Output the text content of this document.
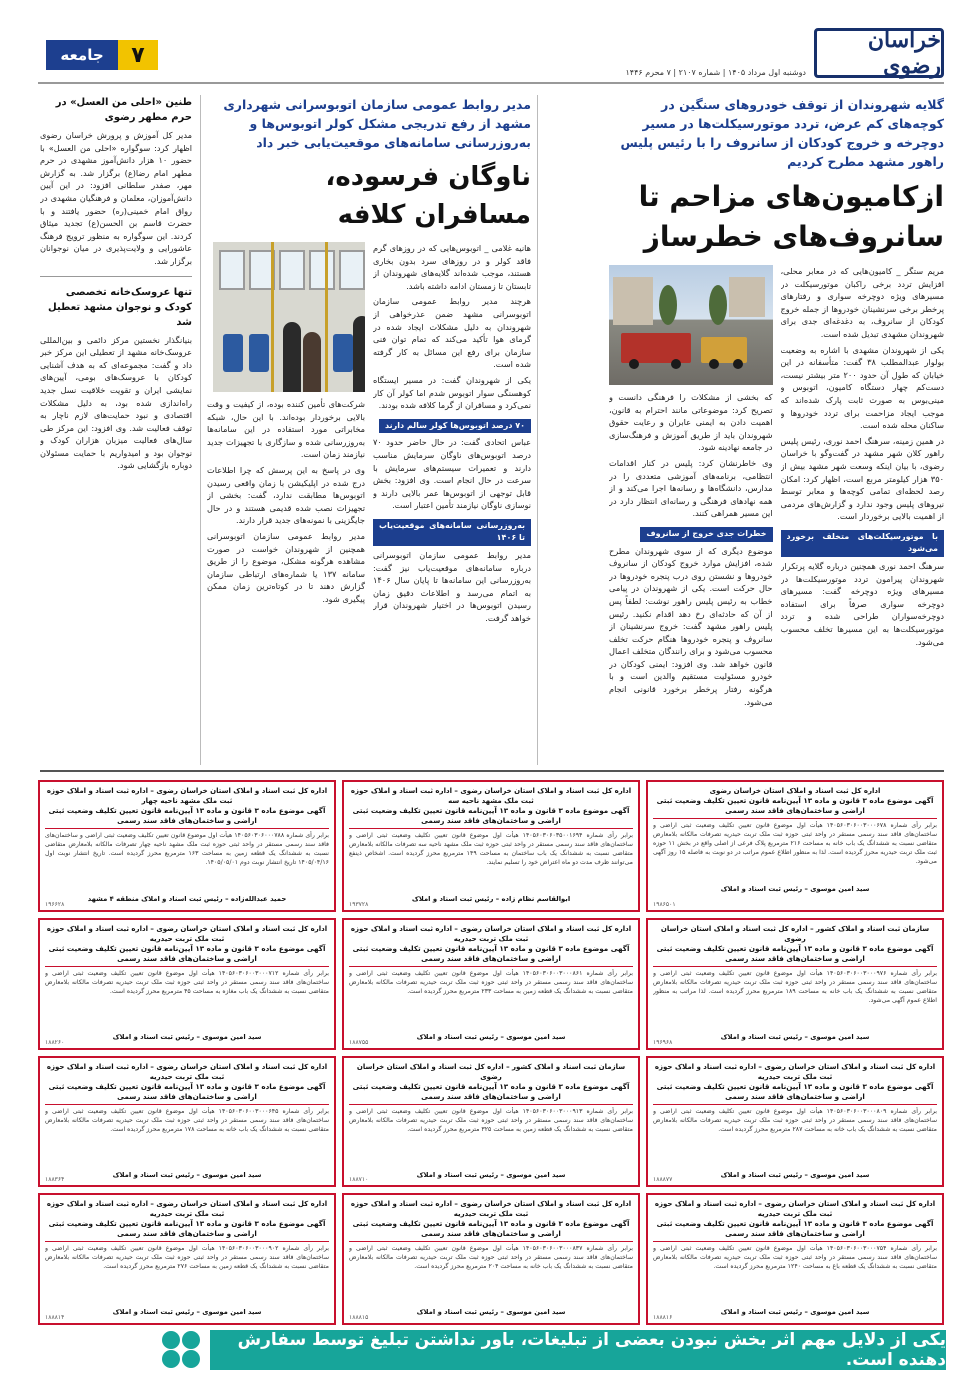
خراسان رضوی
دوشنبه اول مرداد ۱۴۰۵ | شماره ۲۱۰۷ | ۷ محرم ۱۴۴۶
۷
جامعه
گلایه شهروندان از توقف خودروهای سنگین در کوچه‌های کم عرض، تردد موتورسیکلت‌ها در مسیر دوچرخه و خروج کودکان از سانروف را با رئیس پلیس راهور مشهد مطرح کردیم
ازکامیون‌های مزاحم تا سانروف‌های خطرساز

مریم ستگر _ کامیون‌هایی که در معابر محلی، افزایش تردد برخی راکبان موتورسیکلت در مسیرهای ویژه دوچرخه سواری و رفتارهای پرخطر برخی سرنشینان خودروها از جمله خروج کودکان از سانروف، به دغدغه‌ای جدی برای شهروندان مشهدی تبدیل شده است.

یکی از شهروندان مشهدی با اشاره به وضعیت بولوار عبدالمطلب ۳۸ گفت: متأسفانه در این خیابان که طول آن حدود ۲۰۰ متر بیشتر نیست، دست‌کم چهار دستگاه کامیون، اتوبوس و مینی‌بوس به صورت ثابت پارک شده‌اند که موجب ایجاد مزاحمت برای تردد خودروها و ساکنان محله شده است.

در همین زمینه، سرهنگ احمد نوری، رئیس پلیس راهور کلان شهر مشهد در گفت‌وگو با خراسان رضوی، با بیان اینکه وسعت شهر مشهد بیش از ۳۵۰ هزار کیلومتر مربع است، اظهار کرد: امکان رصد لحظه‌ای تمامی کوچه‌ها و معابر توسط نیروهای پلیس وجود ندارد و گزارش‌های مردمی از اهمیت بالایی برخوردار است.

با موتورسیکلت‌های متخلف برخورد می‌شود

سرهنگ احمد نوری همچنین درباره گلایه پرتکرار شهروندان پیرامون تردد موتورسیکلت‌ها در مسیرهای ویژه دوچرخه گفت: مسیرهای دوچرخه سواری صرفاً برای استفاده دوچرخه‌سواران طراحی شده و تردد موتورسیکلت‌ها به این مسیرها تخلف محسوب می‌شود.

که بخشی از مشکلات را فرهنگی دانست و تصریح کرد: موضوعاتی مانند احترام به قانون، اهمیت دادن به ایمنی عابران و رعایت حقوق شهروندان باید از طریق آموزش و فرهنگ‌سازی در جامعه نهادینه شود.

وی خاطرنشان کرد: پلیس در کنار اقدامات انتظامی، برنامه‌های آموزشی متعددی را در مدارس، دانشگاه‌ها و رسانه‌ها اجرا می‌کند و از همه نهادهای فرهنگی و رسانه‌ای انتظار دارد در این مسیر همراهی کنند.

خطرات جدی خروج از سانروف

موضوع دیگری که از سوی شهروندان مطرح شده، افزایش موارد خروج کودکان از سانروف خودروها و نشستن روی درب پنجره خودروها در حال حرکت است. یکی از شهروندان در پیامی خطاب به رئیس پلیس راهور نوشت: لطفاً پس از آن که حادثه‌ای رخ دهد اقدام نکنید. رئیس پلیس راهور مشهد گفت: خروج سرنشینان از سانروف و پنجره خودروها هنگام حرکت تخلف محسوب می‌شود و برای رانندگان متخلف اعمال قانون خواهد شد. وی افزود: ایمنی کودکان در خودرو مسئولیت مستقیم والدین است و با هرگونه رفتار پرخطر برخورد قانونی انجام می‌شود.

مدیر روابط عمومی سازمان اتوبوسرانی شهرداری مشهد از رفع تدریجی مشکل کولر اتوبوس‌ها و به‌روزرسانی سامانه‌های موقعیت‌یابی خبر داد
ناوگان فرسوده، مسافران کلافه

هانیه غلامی _ اتوبوس‌هایی که در روزهای گرم فاقد کولر و در روزهای سرد بدون بخاری هستند، موجب شده‌اند گلایه‌های شهروندان از تابستان تا زمستان ادامه داشته باشد.

هرچند مدیر روابط عمومی سازمان اتوبوسرانی مشهد ضمن عذرخواهی از شهروندان به دلیل مشکلات ایجاد شده در گرمای هوا تأکید می‌کند که تمام توان فنی سازمان برای رفع این مسائل به کار گرفته شده است.

یکی از شهروندان گفت: در مسیر ایستگاه کوهسنگی سوار اتوبوس شدم اما کولر آن کار نمی‌کرد و مسافران از گرما کلافه شده بودند.

۷۰ درصد اتوبوس‌ها کولر سالم دارند

عباس اتحادی گفت: در حال حاضر حدود ۷۰ درصد اتوبوس‌های ناوگان سرمایش مناسب دارند و تعمیرات سیستم‌های سرمایش با سرعت در حال انجام است. وی افزود: بخش قابل توجهی از اتوبوس‌ها عمر بالایی دارند و نوسازی ناوگان نیازمند تأمین اعتبار است.

به‌روزرسانی سامانه‌های موقعیت‌یاب تا ۱۴۰۶

مدیر روابط عمومی سازمان اتوبوسرانی درباره سامانه‌های موقعیت‌یاب نیز گفت: به‌روزرسانی این سامانه‌ها تا پایان سال ۱۴۰۶ به اتمام می‌رسد و اطلاعات دقیق زمان رسیدن اتوبوس‌ها در اختیار شهروندان قرار خواهد گرفت.

شرکت‌های تأمین کننده بوده، از کیفیت و وقت بالایی برخوردار بوده‌اند. با این حال، شبکه مخابراتی مورد استفاده در این سامانه‌ها به‌روزرسانی شده و سازگاری با تجهیزات جدید نیازمند زمان است.

وی در پاسخ به این پرسش که چرا اطلاعات درج شده در اپلیکیشن با زمان واقعی رسیدن اتوبوس‌ها مطابقت ندارد، گفت: بخشی از تجهیزات نصب شده قدیمی هستند و در حال جایگزینی با نمونه‌های جدید قرار دارند.

مدیر روابط عمومی سازمان اتوبوسرانی همچنین از شهروندان خواست در صورت مشاهده هرگونه مشکل، موضوع را از طریق سامانه ۱۳۷ یا شماره‌های ارتباطی سازمان گزارش دهند تا در کوتاه‌ترین زمان ممکن پیگیری شود.

طنین «احلی من العسل» در حرم مطهر رضوی
مدیر کل آموزش و پرورش خراسان رضوی اظهار کرد: سوگواره «احلی من العسل» با حضور ۱۰ هزار دانش‌آموز مشهدی در حرم مطهر امام رضا(ع) برگزار شد. به گزارش مهر، صفدر سلطانی افزود: در این آیین دانش‌آموزان، معلمان و فرهنگیان مشهدی در رواق امام خمینی(ره) حضور یافتند و با حضرت قاسم بن الحسن(ع) تجدید میثاق کردند. این سوگواره به منظور ترویج فرهنگ عاشورایی و ولایت‌پذیری در میان نوجوانان برگزار شد.
تنها عروسک‌خانه تخصصی کودک و نوجوان مشهد تعطیل شد
بنیانگذار نخستین مرکز دائمی و بین‌المللی عروسک‌خانه مشهد از تعطیلی این مرکز خبر داد و گفت: مجموعه‌ای که به هدف آشنایی کودکان با عروسک‌های بومی، آیین‌های نمایشی ایران و تقویت خلاقیت نسل جدید راه‌اندازی شده بود، به دلیل مشکلات اقتصادی و نبود حمایت‌های لازم ناچار به توقف فعالیت شد. وی افزود: این مرکز طی سال‌های فعالیت میزبان هزاران کودک و نوجوان بود و امیدواریم با حمایت مسئولان دوباره بازگشایی شود.
اداره کل ثبت اسناد و املاک استان خراسان رضوی
آگهی موضوع ماده ۳ قانون و ماده ۱۳ آیین‌نامه قانون تعیین تکلیف وضعیت ثبتی اراضی و ساختمان‌های فاقد سند رسمی
برابر رأی شماره ۱۴۰۵۶۰۳۰۶۰۰۳۰۰۰۶۷۸ هیأت اول موضوع قانون تعیین تکلیف وضعیت ثبتی اراضی و ساختمان‌های فاقد سند رسمی مستقر در واحد ثبتی حوزه ثبت ملک تربت حیدریه تصرفات مالکانه بلامعارض متقاضی نسبت به ششدانگ یک باب خانه به مساحت ۲۱۶ مترمربع پلاک فرعی از اصلی واقع در بخش ۱۱ حوزه ثبت ملک تربت حیدریه محرز گردیده است. لذا به منظور اطلاع عموم مراتب در دو نوبت به فاصله ۱۵ روز آگهی می‌شود.
سید امین موسوی – رئیس ثبت اسناد و املاک
۱۹۸۶۵۰۱
اداره کل ثبت اسناد و املاک استان خراسان رضوی – اداره ثبت اسناد و املاک حوزه ثبت ملک مشهد ناحیه سه
آگهی موضوع ماده ۳ قانون و ماده ۱۳ آیین‌نامه قانون تعیین تکلیف وضعیت ثبتی اراضی و ساختمان‌های فاقد سند رسمی
برابر رأی شماره ۱۴۰۵۶۰۳۰۶۰۳۵۰۰۱۶۹۴ هیأت اول موضوع قانون تعیین تکلیف وضعیت ثبتی اراضی و ساختمان‌های فاقد سند رسمی مستقر در واحد ثبتی حوزه ثبت ملک مشهد ناحیه سه تصرفات مالکانه بلامعارض متقاضی نسبت به ششدانگ یک باب ساختمان به مساحت ۱۴۹ مترمربع محرز گردیده است. اشخاص ذینفع می‌توانند ظرف مدت دو ماه اعتراض خود را تسلیم نمایند.
ابوالقاسم نظام زاده – رئیس ثبت اسناد و املاک
۱۹۳۷۲۸
اداره کل ثبت اسناد و املاک استان خراسان رضوی – اداره ثبت اسناد و املاک حوزه ثبت ملک مشهد ناحیه چهار
آگهی موضوع ماده ۳ قانون و ماده ۱۳ آیین‌نامه قانون تعیین تکلیف وضعیت ثبتی اراضی و ساختمان‌های فاقد سند رسمی
برابر رأی شماره ۱۴۰۵۶۰۳۰۶۰۰۰۷۸۸ هیأت اول موضوع قانون تعیین تکلیف وضعیت ثبتی اراضی و ساختمان‌های فاقد سند رسمی مستقر در واحد ثبتی حوزه ثبت ملک مشهد ناحیه چهار تصرفات مالکانه بلامعارض متقاضی نسبت به ششدانگ یک قطعه زمین به مساحت ۱۶۳ مترمربع محرز گردیده است. تاریخ انتشار نوبت اول ۱۴۰۵/۰۴/۱۶ تاریخ انتشار نوبت دوم ۱۴۰۵/۰۵/۰۱.
حمید عبدالله‌زاده – رئیس ثبت اسناد و املاک منطقه ۴ مشهد
۱۹۶۶۲۸
سازمان ثبت اسناد و املاک کشور – اداره کل ثبت اسناد و املاک استان خراسان رضوی
آگهی موضوع ماده ۳ قانون و ماده ۱۳ آیین‌نامه قانون تعیین تکلیف وضعیت ثبتی اراضی و ساختمان‌های فاقد سند رسمی
برابر رأی شماره ۱۴۰۵۶۰۳۰۶۰۰۳۰۰۰۹۷۶ هیأت اول موضوع قانون تعیین تکلیف وضعیت ثبتی اراضی و ساختمان‌های فاقد سند رسمی مستقر در واحد ثبتی حوزه ثبت ملک تربت حیدریه تصرفات مالکانه بلامعارض متقاضی نسبت به ششدانگ یک باب خانه به مساحت ۱۸۹ مترمربع محرز گردیده است. لذا مراتب به منظور اطلاع عموم آگهی می‌شود.
سید امین موسوی – رئیس ثبت اسناد و املاک
۱۹۶۹۶۸
اداره کل ثبت اسناد و املاک استان خراسان رضوی – اداره ثبت اسناد و املاک حوزه ثبت ملک تربت حیدریه
آگهی موضوع ماده ۳ قانون و ماده ۱۳ آیین‌نامه قانون تعیین تکلیف وضعیت ثبتی اراضی و ساختمان‌های فاقد سند رسمی
برابر رأی شماره ۱۴۰۵۶۰۳۰۶۰۰۳۰۰۰۸۶۱ هیأت اول موضوع قانون تعیین تکلیف وضعیت ثبتی اراضی و ساختمان‌های فاقد سند رسمی مستقر در واحد ثبتی حوزه ثبت ملک تربت حیدریه تصرفات مالکانه بلامعارض متقاضی نسبت به ششدانگ یک قطعه زمین به مساحت ۲۳۳ مترمربع محرز گردیده است.
سید امین موسوی – رئیس ثبت اسناد و املاک
۱۸۸۷۵۵
اداره کل ثبت اسناد و املاک استان خراسان رضوی – اداره ثبت اسناد و املاک حوزه ثبت ملک تربت حیدریه
آگهی موضوع ماده ۳ قانون و ماده ۱۳ آیین‌نامه قانون تعیین تکلیف وضعیت ثبتی اراضی و ساختمان‌های فاقد سند رسمی
برابر رأی شماره ۱۴۰۵۶۰۳۰۶۰۰۳۰۰۰۷۱۲ هیأت اول موضوع قانون تعیین تکلیف وضعیت ثبتی اراضی و ساختمان‌های فاقد سند رسمی مستقر در واحد ثبتی حوزه ثبت ملک تربت حیدریه تصرفات مالکانه بلامعارض متقاضی نسبت به ششدانگ یک باب مغازه به مساحت ۴۵ مترمربع محرز گردیده است.
سید امین موسوی – رئیس ثبت اسناد و املاک
۱۸۸۲۶۰
اداره کل ثبت اسناد و املاک استان خراسان رضوی – اداره ثبت اسناد و املاک حوزه ثبت ملک تربت حیدریه
آگهی موضوع ماده ۳ قانون و ماده ۱۳ آیین‌نامه قانون تعیین تکلیف وضعیت ثبتی اراضی و ساختمان‌های فاقد سند رسمی
برابر رأی شماره ۱۴۰۵۶۰۳۰۶۰۰۳۰۰۰۸۰۹ هیأت اول موضوع قانون تعیین تکلیف وضعیت ثبتی اراضی و ساختمان‌های فاقد سند رسمی مستقر در واحد ثبتی حوزه ثبت ملک تربت حیدریه تصرفات مالکانه بلامعارض متقاضی نسبت به ششدانگ یک باب خانه به مساحت ۲۸۷ مترمربع محرز گردیده است.
سید امین موسوی – رئیس ثبت اسناد و املاک
۱۸۸۸۷۷
سازمان ثبت اسناد و املاک کشور – اداره کل ثبت اسناد و املاک استان خراسان رضوی
آگهی موضوع ماده ۳ قانون و ماده ۱۳ آیین‌نامه قانون تعیین تکلیف وضعیت ثبتی اراضی و ساختمان‌های فاقد سند رسمی
برابر رأی شماره ۱۴۰۵۶۰۳۰۶۰۰۳۰۰۰۹۱۳ هیأت اول موضوع قانون تعیین تکلیف وضعیت ثبتی اراضی و ساختمان‌های فاقد سند رسمی مستقر در واحد ثبتی حوزه ثبت ملک تربت حیدریه تصرفات مالکانه بلامعارض متقاضی نسبت به ششدانگ یک قطعه زمین به مساحت ۳۲۵ مترمربع محرز گردیده است.
سید امین موسوی – رئیس ثبت اسناد و املاک
۱۸۸۷۱۰
اداره کل ثبت اسناد و املاک استان خراسان رضوی – اداره ثبت اسناد و املاک حوزه ثبت ملک تربت حیدریه
آگهی موضوع ماده ۳ قانون و ماده ۱۳ آیین‌نامه قانون تعیین تکلیف وضعیت ثبتی اراضی و ساختمان‌های فاقد سند رسمی
برابر رأی شماره ۱۴۰۵۶۰۳۰۶۰۰۳۰۰۰۶۴۵ هیأت اول موضوع قانون تعیین تکلیف وضعیت ثبتی اراضی و ساختمان‌های فاقد سند رسمی مستقر در واحد ثبتی حوزه ثبت ملک تربت حیدریه تصرفات مالکانه بلامعارض متقاضی نسبت به ششدانگ یک باب خانه به مساحت ۱۷۸ مترمربع محرز گردیده است.
سید امین موسوی – رئیس ثبت اسناد و املاک
۱۸۸۳۶۴
اداره کل ثبت اسناد و املاک استان خراسان رضوی – اداره ثبت اسناد و املاک حوزه ثبت ملک تربت حیدریه
آگهی موضوع ماده ۳ قانون و ماده ۱۳ آیین‌نامه قانون تعیین تکلیف وضعیت ثبتی اراضی و ساختمان‌های فاقد سند رسمی
برابر رأی شماره ۱۴۰۵۶۰۳۰۶۰۰۳۰۰۰۷۵۴ هیأت اول موضوع قانون تعیین تکلیف وضعیت ثبتی اراضی و ساختمان‌های فاقد سند رسمی مستقر در واحد ثبتی حوزه ثبت ملک تربت حیدریه تصرفات مالکانه بلامعارض متقاضی نسبت به ششدانگ یک قطعه باغ به مساحت ۱۲۴۰ مترمربع محرز گردیده است.
سید امین موسوی – رئیس ثبت اسناد و املاک
۱۸۸۸۱۶
اداره کل ثبت اسناد و املاک استان خراسان رضوی – اداره ثبت اسناد و املاک حوزه ثبت ملک تربت حیدریه
آگهی موضوع ماده ۳ قانون و ماده ۱۳ آیین‌نامه قانون تعیین تکلیف وضعیت ثبتی اراضی و ساختمان‌های فاقد سند رسمی
برابر رأی شماره ۱۴۰۵۶۰۳۰۶۰۰۳۰۰۰۸۳۷ هیأت اول موضوع قانون تعیین تکلیف وضعیت ثبتی اراضی و ساختمان‌های فاقد سند رسمی مستقر در واحد ثبتی حوزه ثبت ملک تربت حیدریه تصرفات مالکانه بلامعارض متقاضی نسبت به ششدانگ یک باب خانه به مساحت ۲۰۴ مترمربع محرز گردیده است.
سید امین موسوی – رئیس ثبت اسناد و املاک
۱۸۸۸۱۵
اداره کل ثبت اسناد و املاک استان خراسان رضوی – اداره ثبت اسناد و املاک حوزه ثبت ملک تربت حیدریه
آگهی موضوع ماده ۳ قانون و ماده ۱۳ آیین‌نامه قانون تعیین تکلیف وضعیت ثبتی اراضی و ساختمان‌های فاقد سند رسمی
برابر رأی شماره ۱۴۰۵۶۰۳۰۶۰۰۳۰۰۰۹۰۲ هیأت اول موضوع قانون تعیین تکلیف وضعیت ثبتی اراضی و ساختمان‌های فاقد سند رسمی مستقر در واحد ثبتی حوزه ثبت ملک تربت حیدریه تصرفات مالکانه بلامعارض متقاضی نسبت به ششدانگ یک قطعه زمین به مساحت ۲۷۶ مترمربع محرز گردیده است.
سید امین موسوی – رئیس ثبت اسناد و املاک
۱۸۸۸۱۴
یکی از دلایل مهم اثر بخش نبودن بعضی از تبلیغات، باور نداشتن تبلیغ توسط سفارش دهنده است.
